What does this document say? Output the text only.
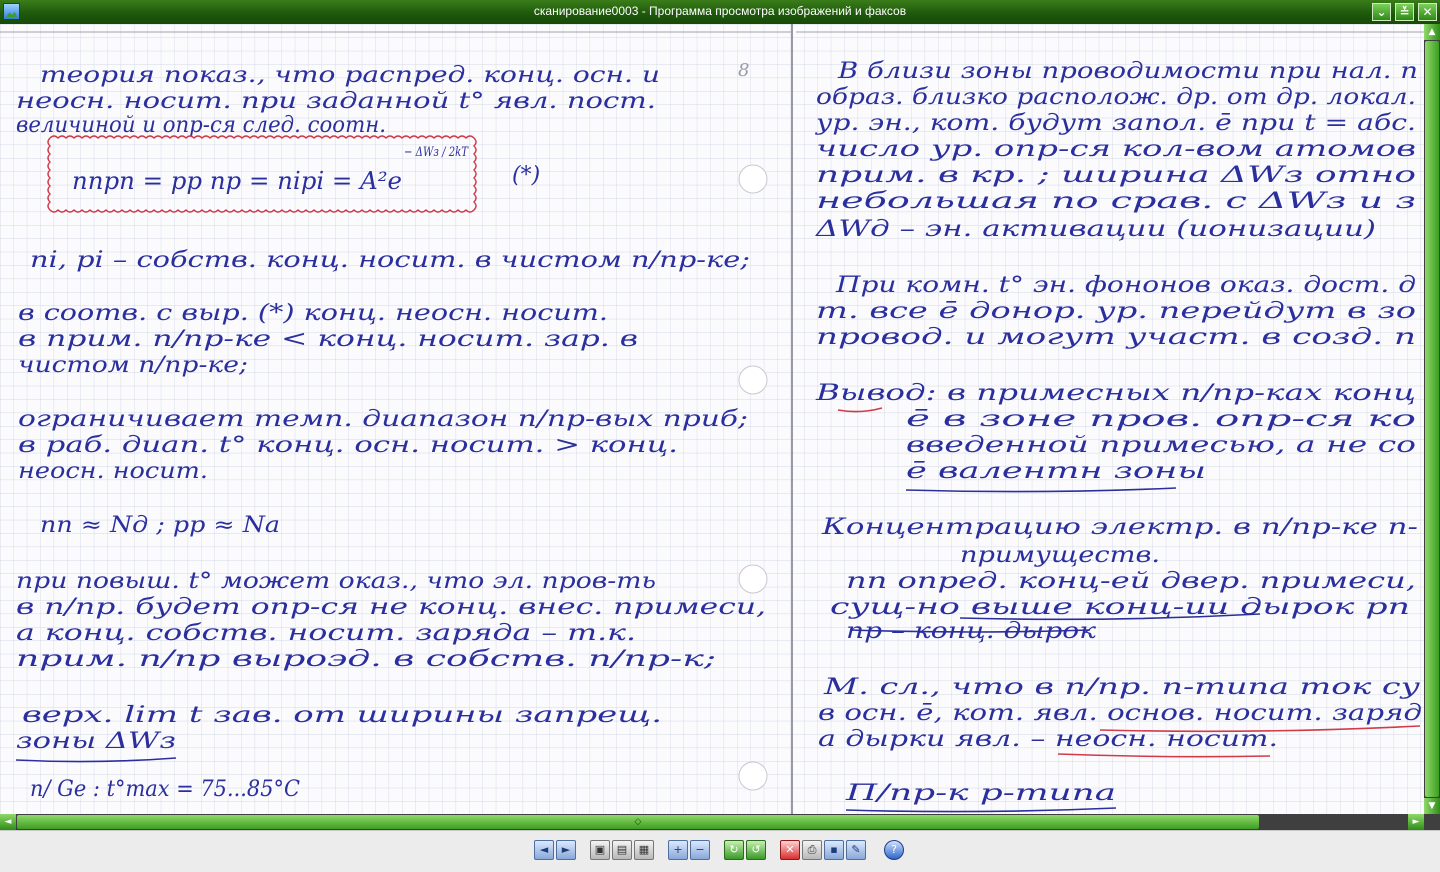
сканирование0003 - Программа просмотра изображений и факсов	⌄	≚	✕
теория показ., что распред. конц. осн. и
неосн. носит. при заданной t° явл. пост.
величиной и опр-ся след. соотн.
ni, pi – собств. конц. носит. в чистом п/пр-ке;
в соотв. с выр. (*) конц. неосн. носит.
в прим. п/пр-ке < конц. носит. зар. в
чистом п/пр-ке;
ограничивает темп. диапазон п/пр-вых приб;
в раб. диап. t° конц. осн. носит. > конц.
неосн. носит.
nn ≈ Nд ; pp ≈ Na
при повыш. t° может оказ., что эл. пров-ть
в п/пр. будет опр-ся не конц. внес. примеси,
а конц. собств. носит. заряда – т.к.
прим. п/пр выроэд. в собств. п/пр-к;
верх. lim t зав. от ширины запрещ.
зоны ΔWз
п/ Ge : t°max = 75...85°C
В близи зоны проводимости при нал. п
образ. близко располож. др. от др. локал.
ур. эн., кот. будут запол. ē при t = абс.
число ур. опр-ся кол-вом атомов
прим. в кр. ; ширина ΔWз отно
небольшая по срав. с ΔWз и з
ΔWд – эн. активации (ионизации)
При комн. t° эн. фононов оказ. дост. д
т. все ē донор. ур. перейдут в зо
провод. и могут участ. в созд. п
Вывод: в примесных п/пр-ках конц
ē в зоне пров. опр-ся ко
введенной примесью, а не со
ē валентн зоны
Концентрацию электр. в п/пр-ке п-
примуществ.
nn опред. конц-ей двер. примеси,
сущ-но выше конц-ии дырок pn
np – конц. дырок
М. сл., что в п/пр. п-типа ток су
в осн. ē, кот. явл. основ. носит. заряд
а дырки явл. – неосн. носит.
П/пр-к р-типа
nnpn = pp np = nipi = A²e
− ΔWз / 2kT
(*)
8
▲
▼
◄	◇	►
◄	►	▣	▤	▦	+	−	↻	↺	✕	⎙	▪	✎	?
